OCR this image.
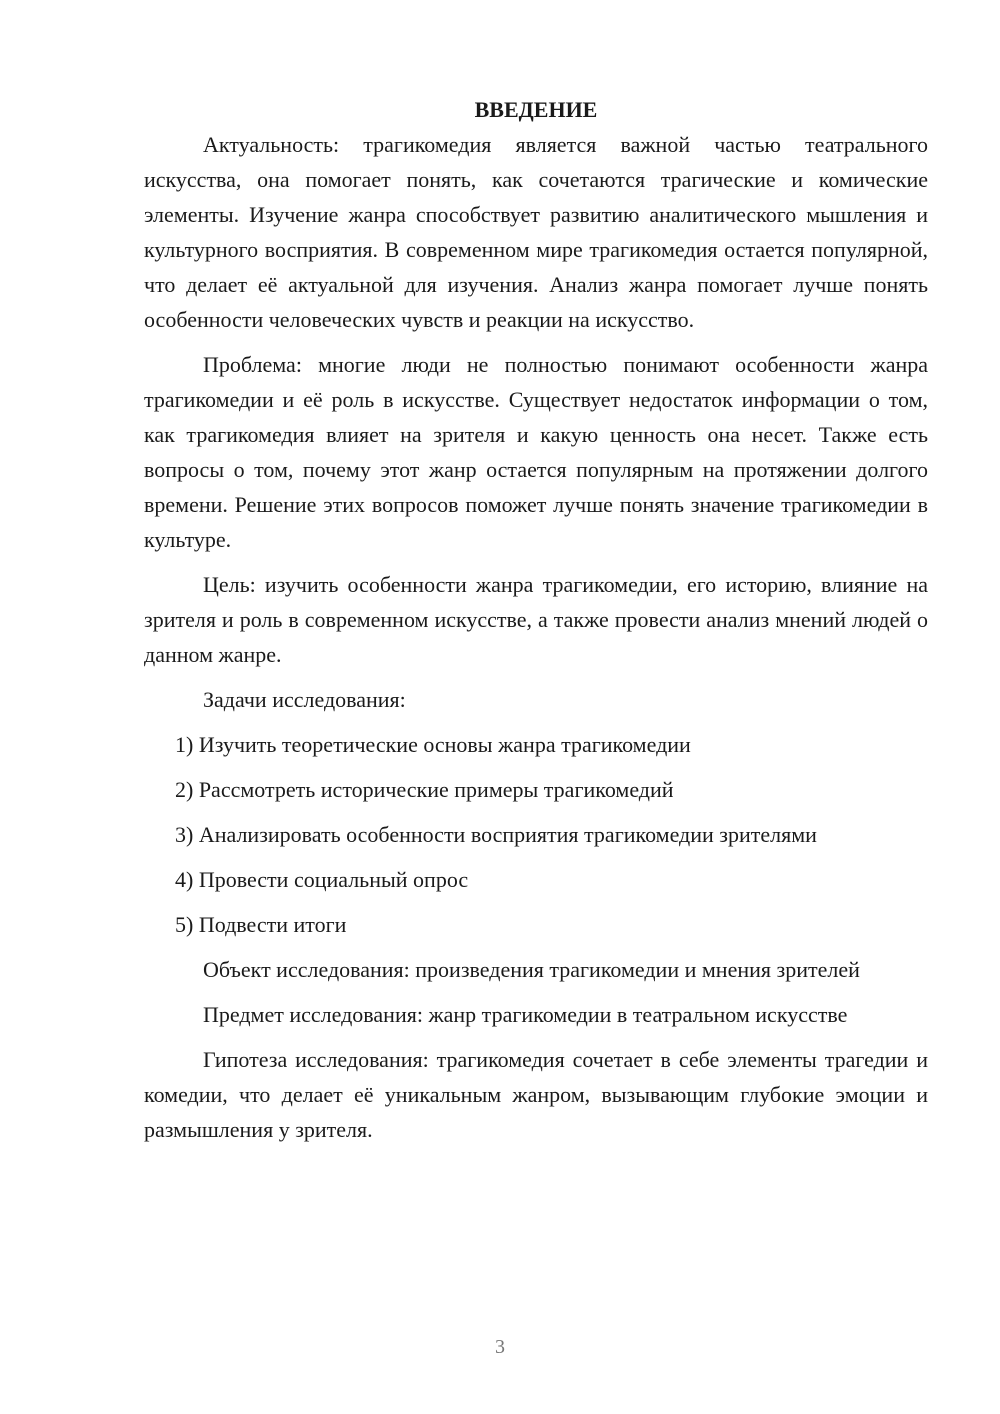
ВВЕДЕНИЕ

Актуальность: трагикомедия является важной частью театрального искусства, она помогает понять, как сочетаются трагические и комические элементы. Изучение жанра способствует развитию аналитического мышления и культурного восприятия. В современном мире трагикомедия остается популярной, что делает её актуальной для изучения. Анализ жанра помогает лучше понять особенности человеческих чувств и реакции на искусство.

Проблема: многие люди не полностью понимают особенности жанра трагикомедии и её роль в искусстве. Существует недостаток информации о том, как трагикомедия влияет на зрителя и какую ценность она несет. Также есть вопросы о том, почему этот жанр остается популярным на протяжении долгого времени. Решение этих вопросов поможет лучше понять значение трагикомедии в культуре.

Цель: изучить особенности жанра трагикомедии, его историю, влияние на зрителя и роль в современном искусстве, а также провести анализ мнений людей о данном жанре.

Задачи исследования:

1) Изучить теоретические основы жанра трагикомедии

2) Рассмотреть исторические примеры трагикомедий

3) Анализировать особенности восприятия трагикомедии зрителями

4) Провести социальный опрос

5) Подвести итоги

Объект исследования: произведения трагикомедии и мнения зрителей

Предмет исследования: жанр трагикомедии в театральном искусстве

Гипотеза исследования: трагикомедия сочетает в себе элементы трагедии и комедии, что делает её уникальным жанром, вызывающим глубокие эмоции и размышления у зрителя.

3
